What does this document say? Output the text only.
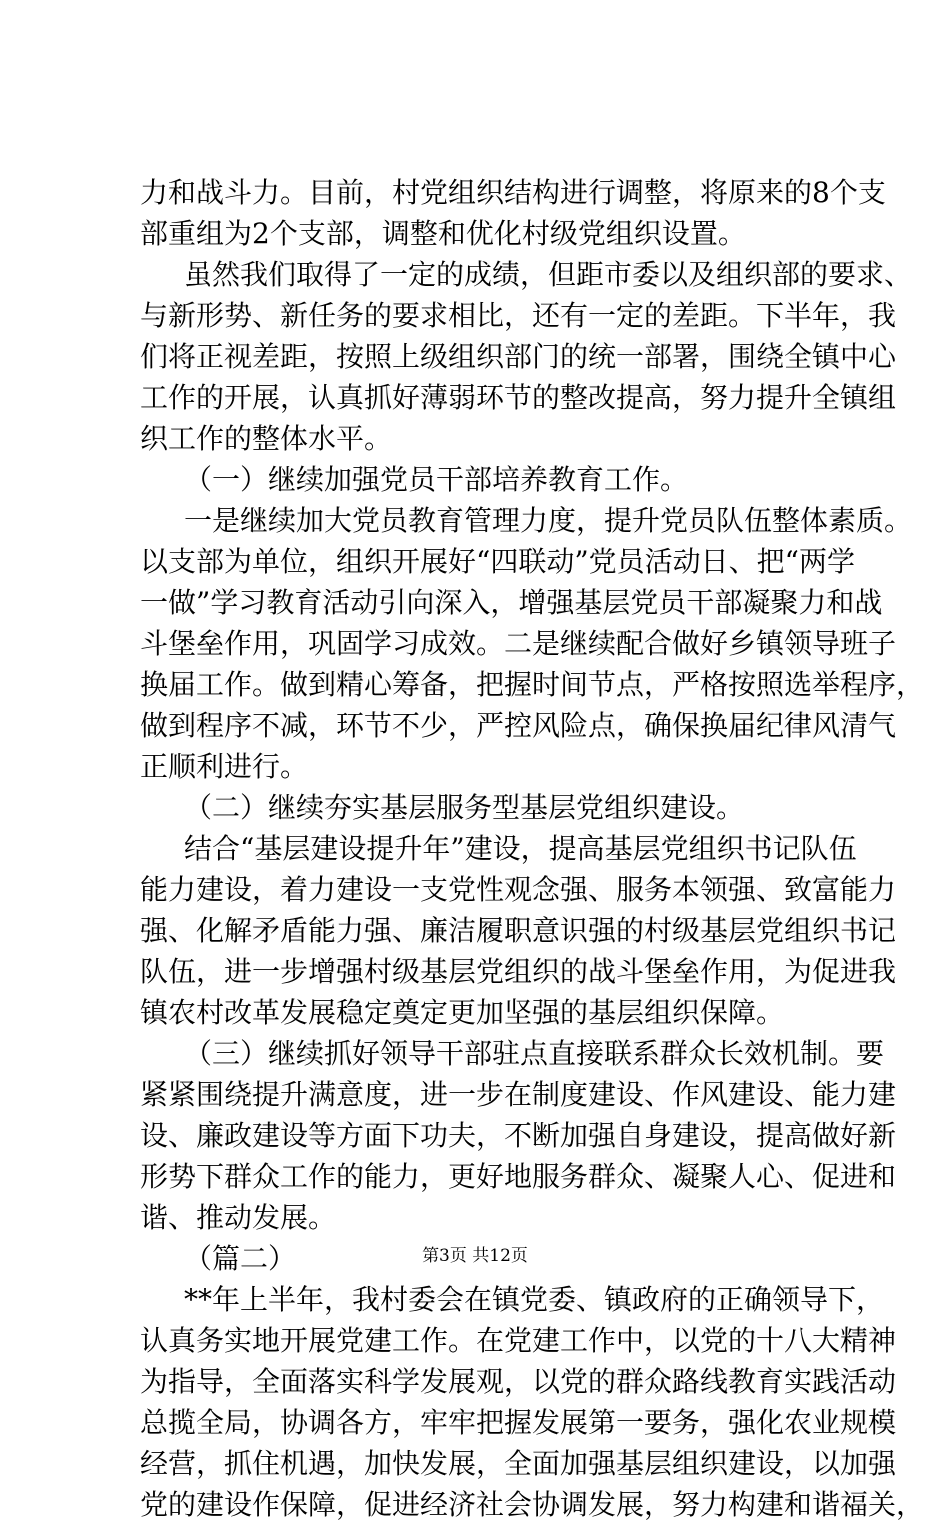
力和战斗力。目前，村党组织结构进行调整，将原来的8个支
部重组为2个支部，调整和优化村级党组织设置。
虽然我们取得了一定的成绩，但距市委以及组织部的要求、
与新形势、新任务的要求相比，还有一定的差距。下半年，我
们将正视差距，按照上级组织部门的统一部署，围绕全镇中心
工作的开展，认真抓好薄弱环节的整改提高，努力提升全镇组
织工作的整体水平。
（一）继续加强党员干部培养教育工作。
一是继续加大党员教育管理力度，提升党员队伍整体素质。
以支部为单位，组织开展好“四联动”党员活动日、把“两学
一做”学习教育活动引向深入，增强基层党员干部凝聚力和战
斗堡垒作用，巩固学习成效。二是继续配合做好乡镇领导班子
换届工作。做到精心筹备，把握时间节点，严格按照选举程序，
做到程序不减，环节不少，严控风险点，确保换届纪律风清气
正顺利进行。
（二）继续夯实基层服务型基层党组织建设。
结合“基层建设提升年”建设，提高基层党组织书记队伍
能力建设，着力建设一支党性观念强、服务本领强、致富能力
强、化解矛盾能力强、廉洁履职意识强的村级基层党组织书记
队伍，进一步增强村级基层党组织的战斗堡垒作用，为促进我
镇农村改革发展稳定奠定更加坚强的基层组织保障。
（三）继续抓好领导干部驻点直接联系群众长效机制。要
紧紧围绕提升满意度，进一步在制度建设、作风建设、能力建
设、廉政建设等方面下功夫，不断加强自身建设，提高做好新
形势下群众工作的能力，更好地服务群众、凝聚人心、促进和
谐、推动发展。
（篇二）
**年上半年，我村委会在镇党委、镇政府的正确领导下，
认真务实地开展党建工作。在党建工作中，以党的十八大精神
为指导，全面落实科学发展观，以党的群众路线教育实践活动
总揽全局，协调各方，牢牢把握发展第一要务，强化农业规模
经营，抓住机遇，加快发展，全面加强基层组织建设，以加强
党的建设作保障，促进经济社会协调发展，努力构建和谐福关，
第3页 共12页
